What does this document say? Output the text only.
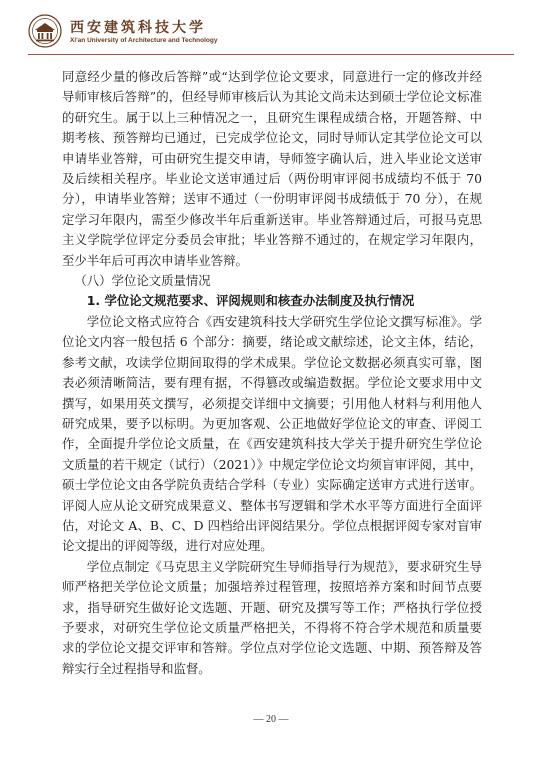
西安建筑科技大学
Xi'an University of Architecture and Technology

同意经少量的修改后答辩”或“达到学位论文要求，同意进行一定的修改并经导师审核后答辩”的，但经导师审核后认为其论文尚未达到硕士学位论文标准的研究生。属于以上三种情况之一，且研究生课程成绩合格，开题答辩、中期考核、预答辩均已通过，已完成学位论文，同时导师认定其学位论文可以申请毕业答辩，可由研究生提交申请，导师签字确认后，进入毕业论文送审及后续相关程序。毕业论文送审通过后（两份明审评阅书成绩均不低于 70 分），申请毕业答辩；送审不通过（一份明审评阅书成绩低于 70 分），在规定学习年限内，需至少修改半年后重新送审。毕业答辩通过后，可报马克思主义学院学位评定分委员会审批；毕业答辩不通过的，在规定学习年限内，至少半年后可再次申请毕业答辩。

（八）学位论文质量情况

1. 学位论文规范要求、评阅规则和核查办法制度及执行情况

学位论文格式应符合《西安建筑科技大学研究生学位论文撰写标准》。学位论文内容一般包括 6 个部分：摘要，绪论或文献综述，论文主体，结论，参考文献，攻读学位期间取得的学术成果。学位论文数据必须真实可靠，图表必须清晰简洁，要有理有据，不得篡改或编造数据。学位论文要求用中文撰写，如果用英文撰写，必须提交详细中文摘要；引用他人材料与利用他人研究成果，要予以标明。为更加客观、公正地做好学位论文的审查、评阅工作，全面提升学位论文质量，在《西安建筑科技大学关于提升研究生学位论文质量的若干规定（试行）（2021）》中规定学位论文均须盲审评阅，其中，硕士学位论文由各学院负责结合学科（专业）实际确定送审方式进行送审。评阅人应从论文研究成果意义、整体书写逻辑和学术水平等方面进行全面评估，对论文 A、B、C、D 四档给出评阅结果分。学位点根据评阅专家对盲审论文提出的评阅等级，进行对应处理。

学位点制定《马克思主义学院研究生导师指导行为规范》，要求研究生导师严格把关学位论文质量；加强培养过程管理，按照培养方案和时间节点要求，指导研究生做好论文选题、开题、研究及撰写等工作；严格执行学位授予要求，对研究生学位论文质量严格把关，不得将不符合学术规范和质量要求的学位论文提交评审和答辩。学位点对学位论文选题、中期、预答辩及答辩实行全过程指导和监督。

— 20 —
